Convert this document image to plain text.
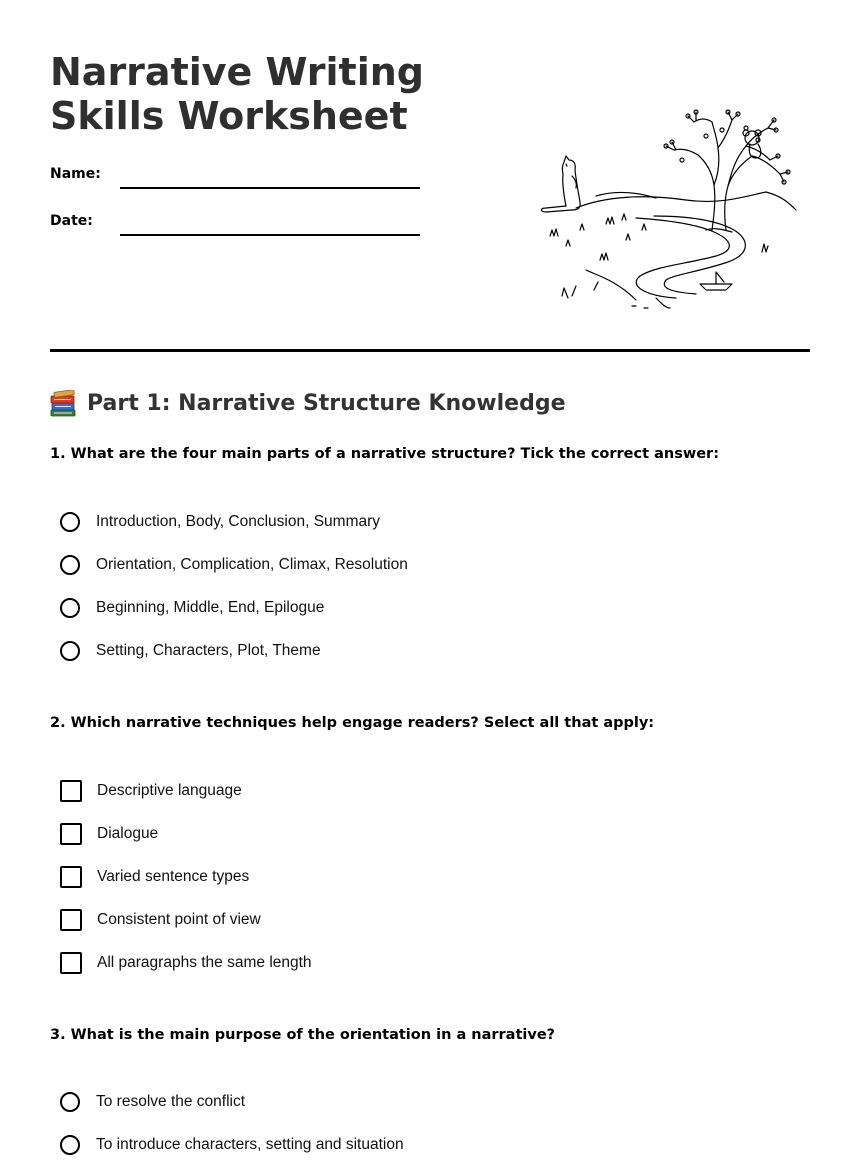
Narrative Writing Skills Worksheet
Name:
Date:
Part 1: Narrative Structure Knowledge

1. What are the four main parts of a narrative structure? Tick the correct answer:

Introduction, Body, Conclusion, Summary
Orientation, Complication, Climax, Resolution
Beginning, Middle, End, Epilogue
Setting, Characters, Plot, Theme

2. Which narrative techniques help engage readers? Select all that apply:

Descriptive language
Dialogue
Varied sentence types
Consistent point of view
All paragraphs the same length

3. What is the main purpose of the orientation in a narrative?

To resolve the conflict
To introduce characters, setting and situation
